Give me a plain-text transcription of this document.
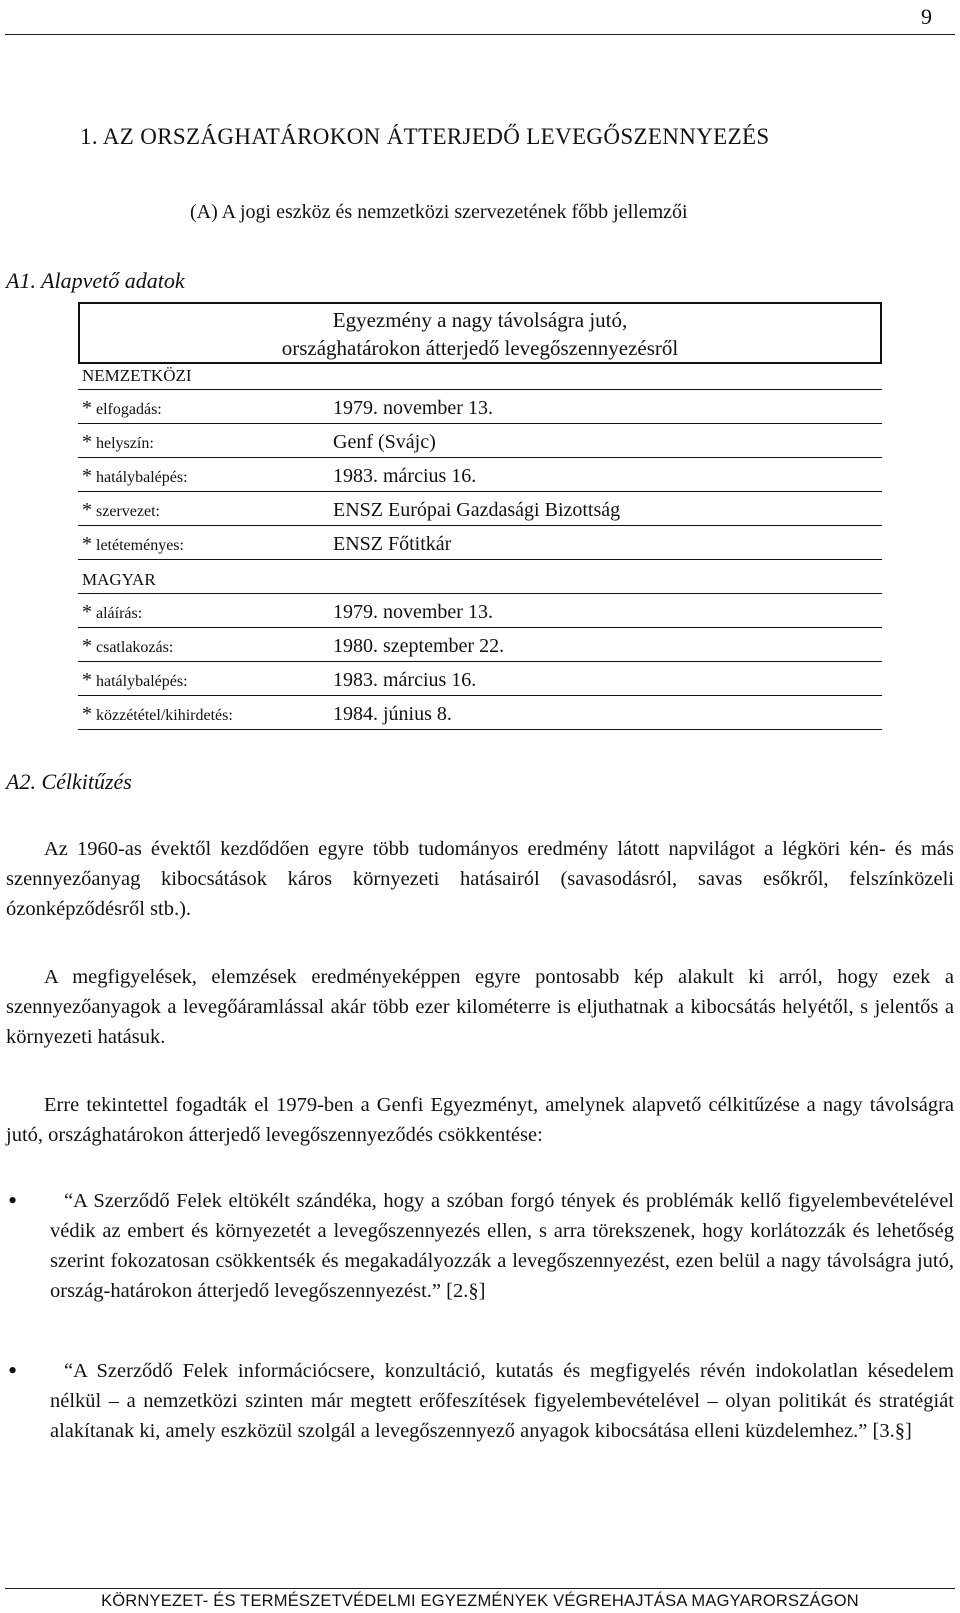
9
1. AZ ORSZÁGHATÁROKON ÁTTERJEDŐ LEVEGŐSZENNYEZÉS
(A) A jogi eszköz és nemzetközi szervezetének főbb jellemzői
A1. Alapvető adatok
Egyezmény a nagy távolságra jutó,
országhatárokon átterjedő levegőszennyezésről
NEMZETKÖZI
* elfogadás:	1979. november 13.
* helyszín:	Genf (Svájc)
* hatálybalépés:	1983. március 16.
* szervezet:	ENSZ Európai Gazdasági Bizottság
* letéteményes:	ENSZ Főtitkár
MAGYAR
* aláírás:	1979. november 13.
* csatlakozás:	1980. szeptember 22.
* hatálybalépés:	1983. március 16.
* közzététel/kihirdetés:	1984. június 8.
A2. Célkitűzés
Az 1960-as évektől kezdődően egyre több tudományos eredmény látott napvilágot a légköri kén- és más szennyezőanyag kibocsátások káros környezeti hatásairól (savasodásról, savas esőkről, felszínközeli ózonképződésről stb.).
A megfigyelések, elemzések eredményeképpen egyre pontosabb kép alakult ki arról, hogy ezek a szennyezőanyagok a levegőáramlással akár több ezer kilométerre is eljuthatnak a kibocsátás helyétől, s jelentős a környezeti hatásuk.
Erre tekintettel fogadták el 1979-ben a Genfi Egyezményt, amelynek alapvető célkitűzése a nagy távolságra jutó, országhatárokon átterjedő levegőszennyeződés csökkentése:
•	“A Szerződő Felek eltökélt szándéka, hogy a szóban forgó tények és problémák kellő figyelembevételével védik az embert és környezetét a levegőszennyezés ellen, s arra törekszenek, hogy korlátozzák és lehetőség szerint fokozatosan csökkentsék és megakadályozzák a levegőszennyezést, ezen belül a nagy távolságra jutó, ország-határokon átterjedő levegőszennyezést.” [2.§]
•	“A Szerződő Felek információcsere, konzultáció, kutatás és megfigyelés révén indokolatlan késedelem nélkül – a nemzetközi szinten már megtett erőfeszítések figyelembevételével – olyan politikát és stratégiát alakítanak ki, amely eszközül szolgál a levegőszennyező anyagok kibocsátása elleni küzdelemhez.” [3.§]
KÖRNYEZET- ÉS TERMÉSZETVÉDELMI EGYEZMÉNYEK VÉGREHAJTÁSA MAGYARORSZÁGON
